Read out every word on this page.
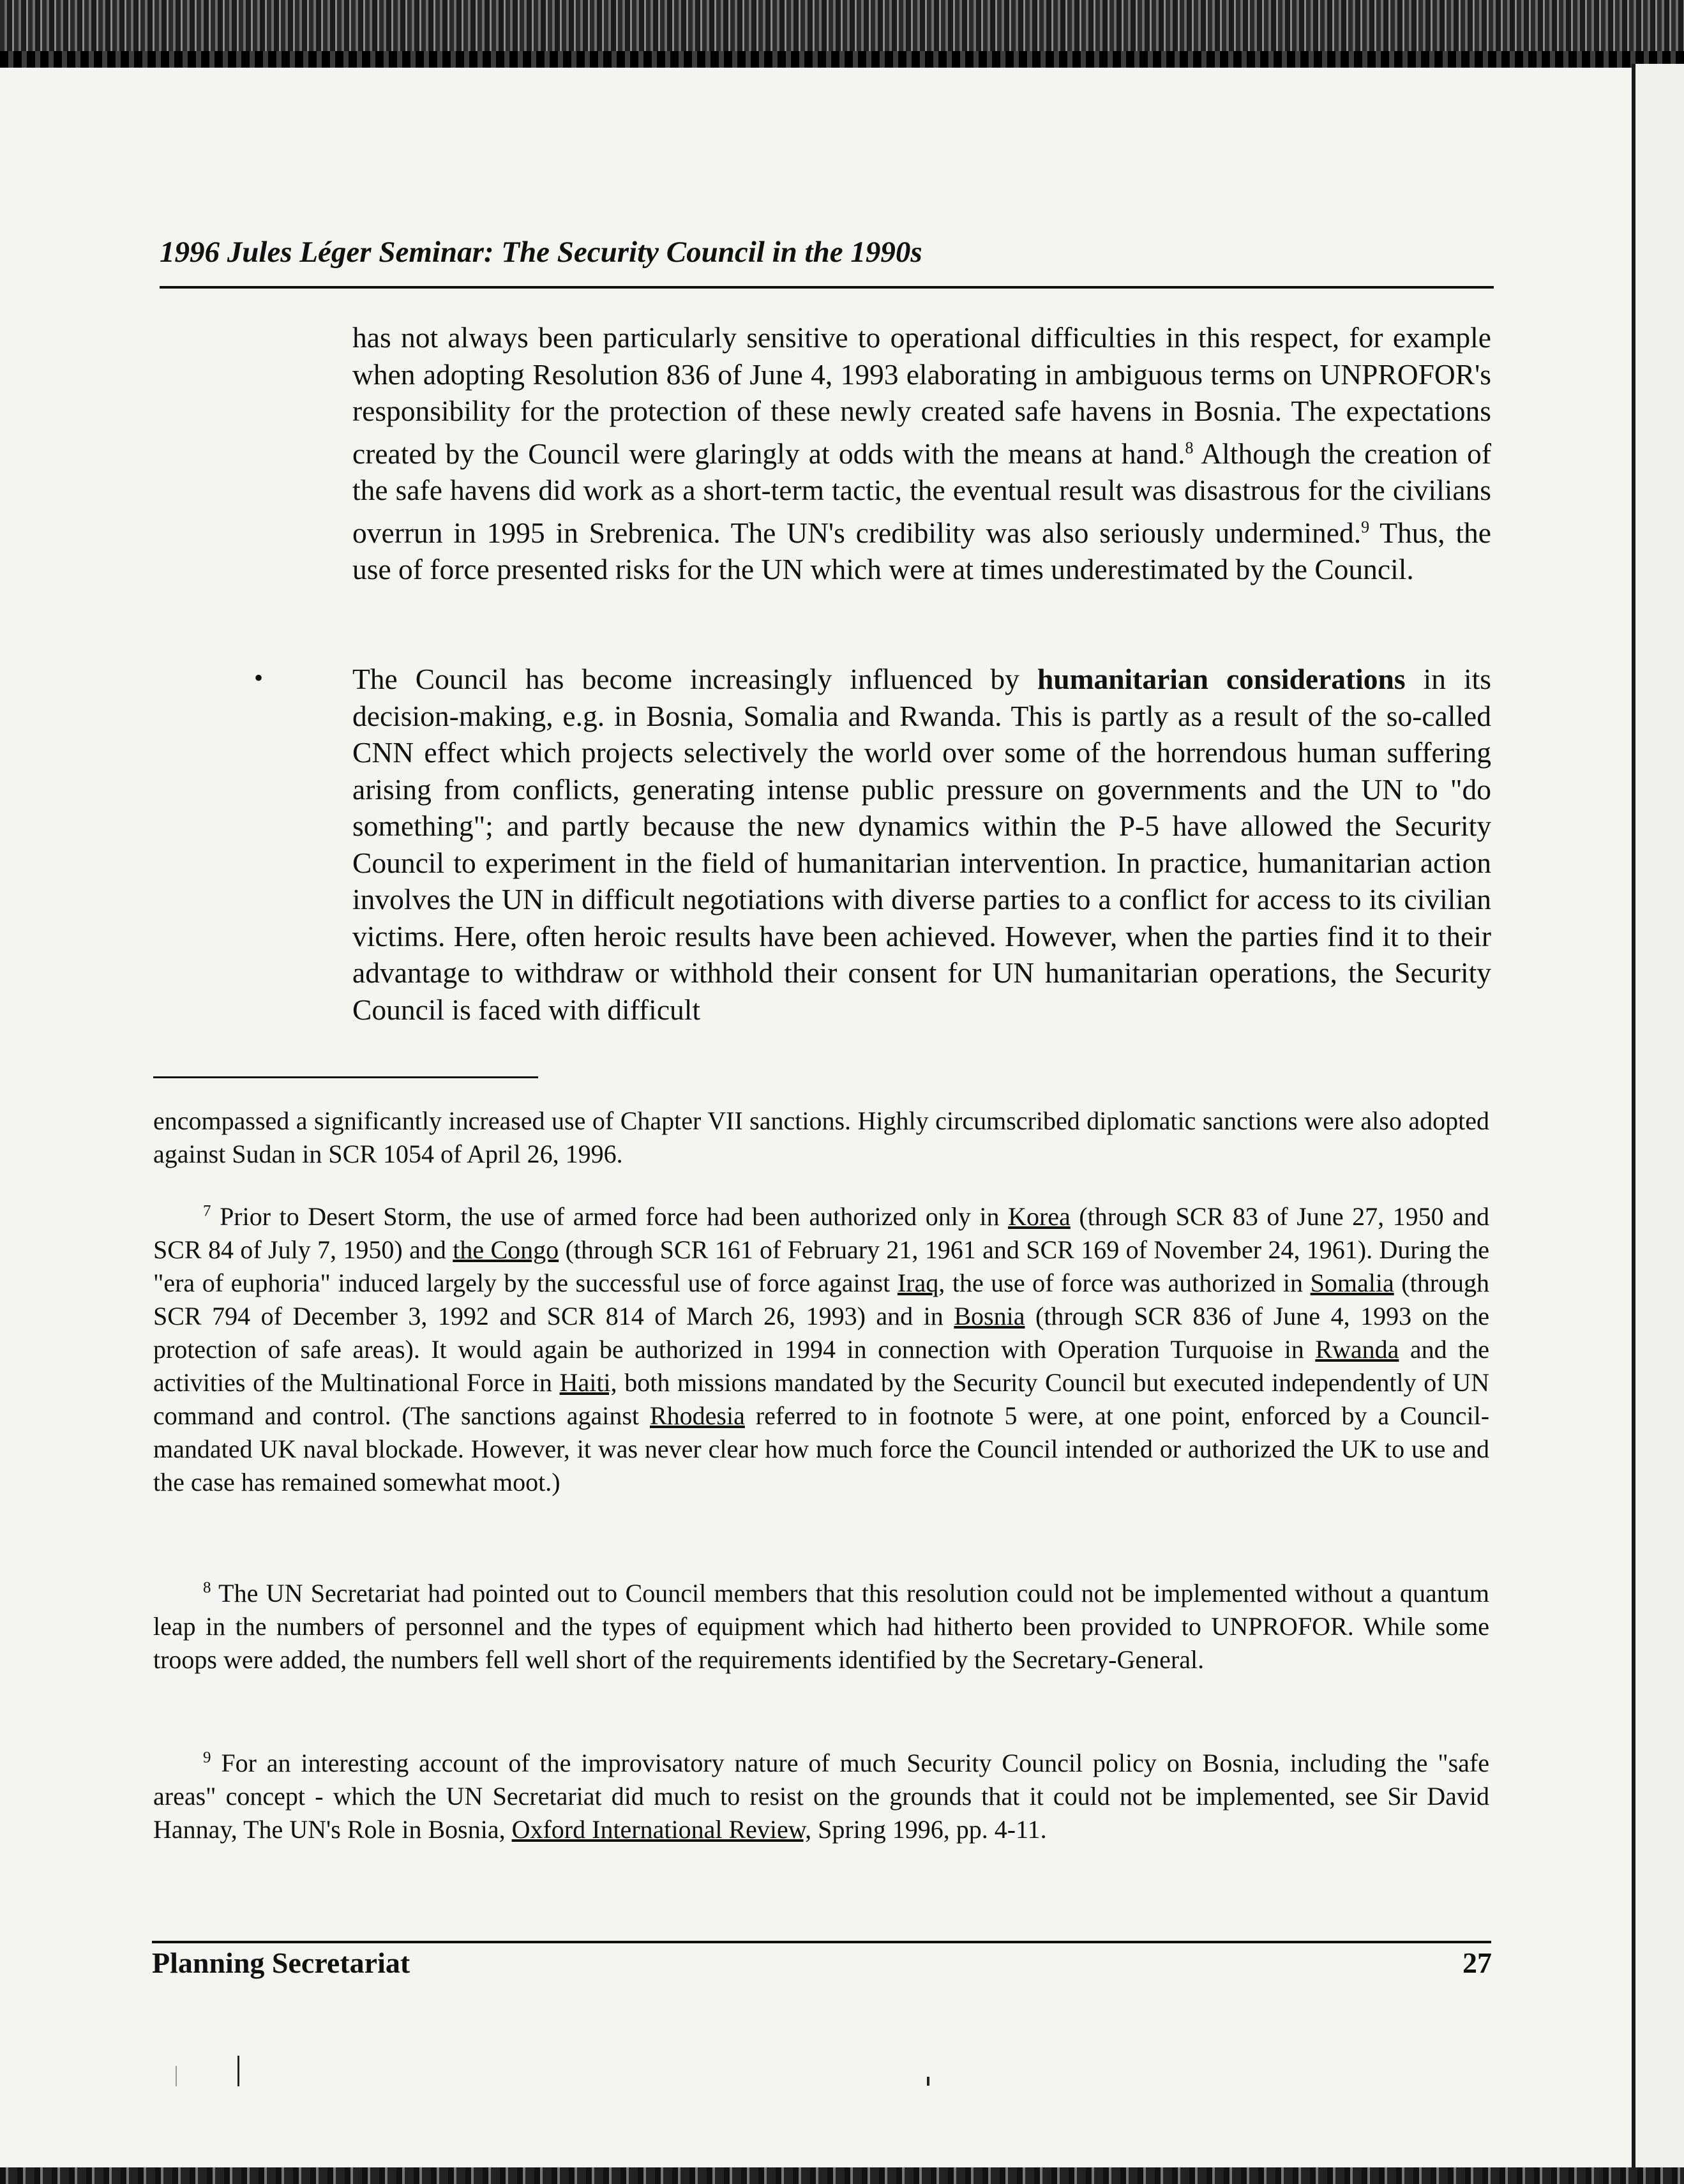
1996 Jules Léger Seminar: The Security Council in the 1990s
has not always been particularly sensitive to operational difficulties in this respect, for example when adopting Resolution 836 of June 4, 1993 elaborating in ambiguous terms on UNPROFOR's responsibility for the protection of these newly created safe havens in Bosnia. The expectations created by the Council were glaringly at odds with the means at hand.$^8$ Although the creation of the safe havens did work as a short-term tactic, the eventual result was disastrous for the civilians overrun in 1995 in Srebrenica. The UN's credibility was also seriously undermined.$^9$ Thus, the use of force presented risks for the UN which were at times underestimated by the Council.
•	The Council has become increasingly influenced by humanitarian considerations in its decision-making, e.g. in Bosnia, Somalia and Rwanda. This is partly as a result of the so-called CNN effect which projects selectively the world over some of the horrendous human suffering arising from conflicts, generating intense public pressure on governments and the UN to "do something"; and partly because the new dynamics within the P-5 have allowed the Security Council to experiment in the field of humanitarian intervention. In practice, humanitarian action involves the UN in difficult negotiations with diverse parties to a conflict for access to its civilian victims. Here, often heroic results have been achieved. However, when the parties find it to their advantage to withdraw or withhold their consent for UN humanitarian operations, the Security Council is faced with difficult
encompassed a significantly increased use of Chapter VII sanctions. Highly circumscribed diplomatic sanctions were also adopted against Sudan in SCR 1054 of April 26, 1996.
$^7$ Prior to Desert Storm, the use of armed force had been authorized only in Korea (through SCR 83 of June 27, 1950 and SCR 84 of July 7, 1950) and the Congo (through SCR 161 of February 21, 1961 and SCR 169 of November 24, 1961). During the "era of euphoria" induced largely by the successful use of force against Iraq, the use of force was authorized in Somalia (through SCR 794 of December 3, 1992 and SCR 814 of March 26, 1993) and in Bosnia (through SCR 836 of June 4, 1993 on the protection of safe areas). It would again be authorized in 1994 in connection with Operation Turquoise in Rwanda and the activities of the Multinational Force in Haiti, both missions mandated by the Security Council but executed independently of UN command and control. (The sanctions against Rhodesia referred to in footnote 5 were, at one point, enforced by a Council-mandated UK naval blockade. However, it was never clear how much force the Council intended or authorized the UK to use and the case has remained somewhat moot.)
$^8$ The UN Secretariat had pointed out to Council members that this resolution could not be implemented without a quantum leap in the numbers of personnel and the types of equipment which had hitherto been provided to UNPROFOR. While some troops were added, the numbers fell well short of the requirements identified by the Secretary-General.
$^9$ For an interesting account of the improvisatory nature of much Security Council policy on Bosnia, including the "safe areas" concept - which the UN Secretariat did much to resist on the grounds that it could not be implemented, see Sir David Hannay, The UN's Role in Bosnia, Oxford International Review, Spring 1996, pp. 4-11.
Planning Secretariat	27
